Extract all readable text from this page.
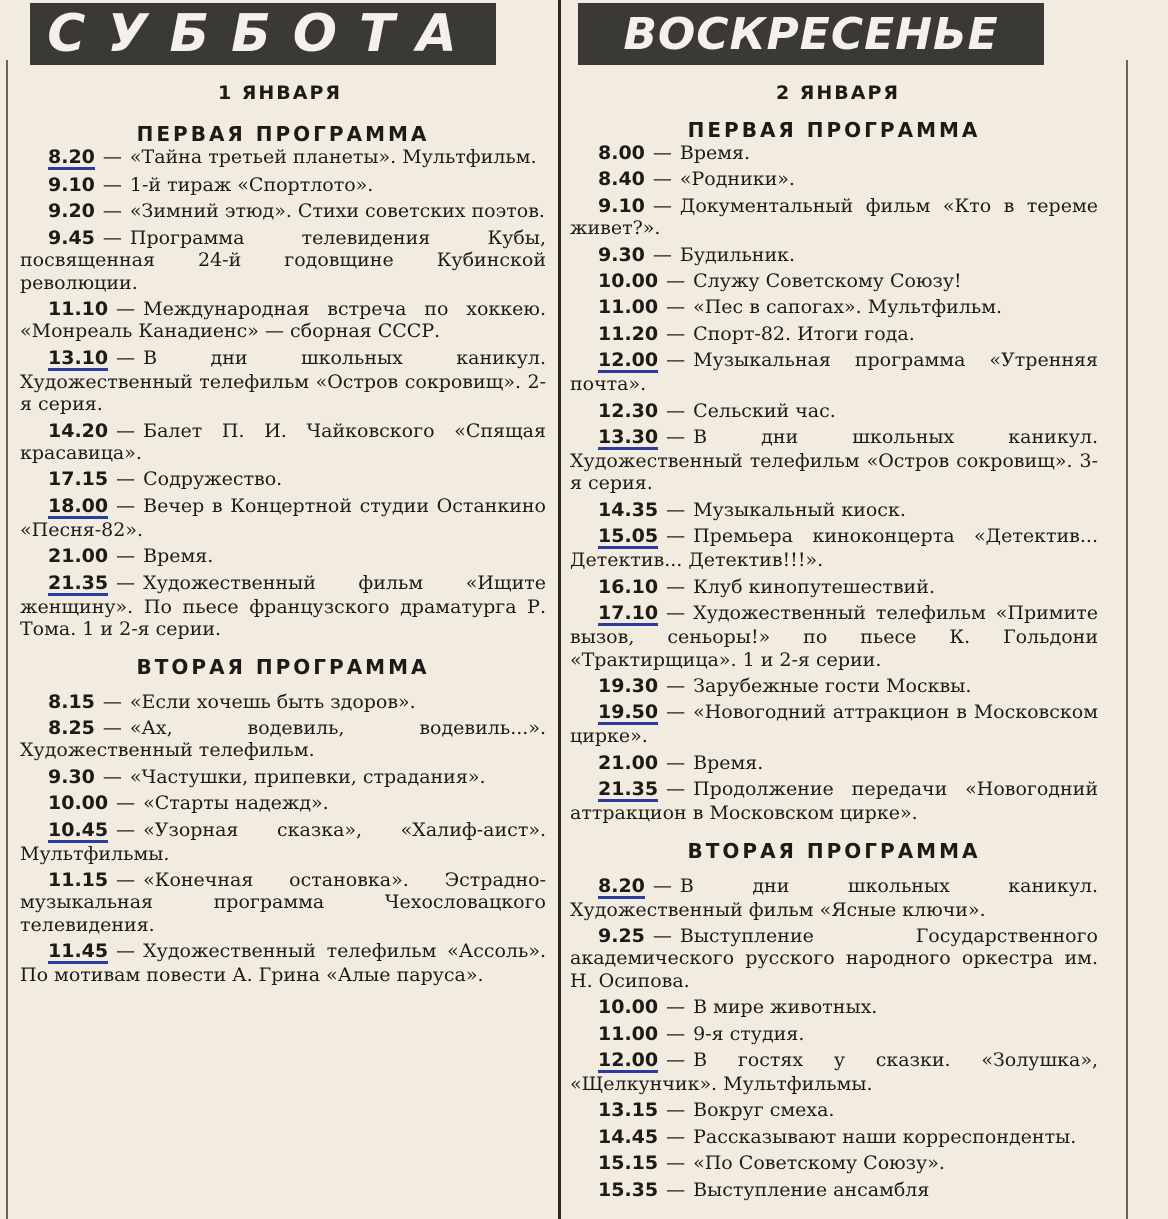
СУББОТА	ВОСКРЕСЕНЬЕ
1 ЯНВАРЯ	2 ЯНВАРЯ

ПЕРВАЯ ПРОГРАММА

8.20 — «Тайна третьей планеты». Мультфильм.

9.10 — 1-й тираж «Спортлото».

9.20 — «Зимний этюд». Стихи советских поэтов.

9.45 — Программа телевидения Кубы, посвященная 24-й годовщине Кубинской революции.

11.10 — Международная встреча по хоккею. «Монреаль Канадиенс» — сборная СССР.

13.10 — В дни школьных каникул. Художественный телефильм «Остров сокровищ». 2-я серия.

14.20 — Балет П. И. Чайковского «Спящая красавица».

17.15 — Содружество.

18.00 — Вечер в Концертной студии Останкино «Песня-82».

21.00 — Время.

21.35 — Художественный фильм «Ищите женщину». По пьесе французского драматурга Р. Тома. 1 и 2-я серии.

ВТОРАЯ ПРОГРАММА

8.15 — «Если хочешь быть здоров».

8.25 — «Ах, водевиль, водевиль...». Художественный телефильм.

9.30 — «Частушки, припевки, страдания».

10.00 — «Старты надежд».

10.45 — «Узорная сказка», «Халиф-аист». Мультфильмы.

11.15 — «Конечная остановка». Эстрадно-музыкальная программа Чехословацкого телевидения.

11.45 — Художественный телефильм «Ассоль». По мотивам повести А. Грина «Алые паруса».

ПЕРВАЯ ПРОГРАММА

8.00 — Время.

8.40 — «Родники».

9.10 — Документальный фильм «Кто в тереме живет?».

9.30 — Будильник.

10.00 — Служу Советскому Союзу!

11.00 — «Пес в сапогах». Мультфильм.

11.20 — Спорт-82. Итоги года.

12.00 — Музыкальная программа «Утренняя почта».

12.30 — Сельский час.

13.30 — В дни школьных каникул. Художественный телефильм «Остров сокровищ». 3-я серия.

14.35 — Музыкальный киоск.

15.05 — Премьера киноконцерта «Детектив... Детектив... Детектив!!!».

16.10 — Клуб кинопутешествий.

17.10 — Художественный телефильм «Примите вызов, сеньоры!» по пьесе К. Гольдони «Трактирщица». 1 и 2-я серии.

19.30 — Зарубежные гости Москвы.

19.50 — «Новогодний аттракцион в Московском цирке».

21.00 — Время.

21.35 — Продолжение передачи «Новогодний аттракцион в Московском цирке».

ВТОРАЯ ПРОГРАММА

8.20 — В дни школьных каникул. Художественный фильм «Ясные ключи».

9.25 — Выступление Государственного академического русского народного оркестра им. Н. Осипова.

10.00 — В мире животных.

11.00 — 9-я студия.

12.00 — В гостях у сказки. «Золушка», «Щелкунчик». Мультфильмы.

13.15 — Вокруг смеха.

14.45 — Рассказывают наши корреспонденты.

15.15 — «По Советскому Союзу».

15.35 — Выступление ансамбля
